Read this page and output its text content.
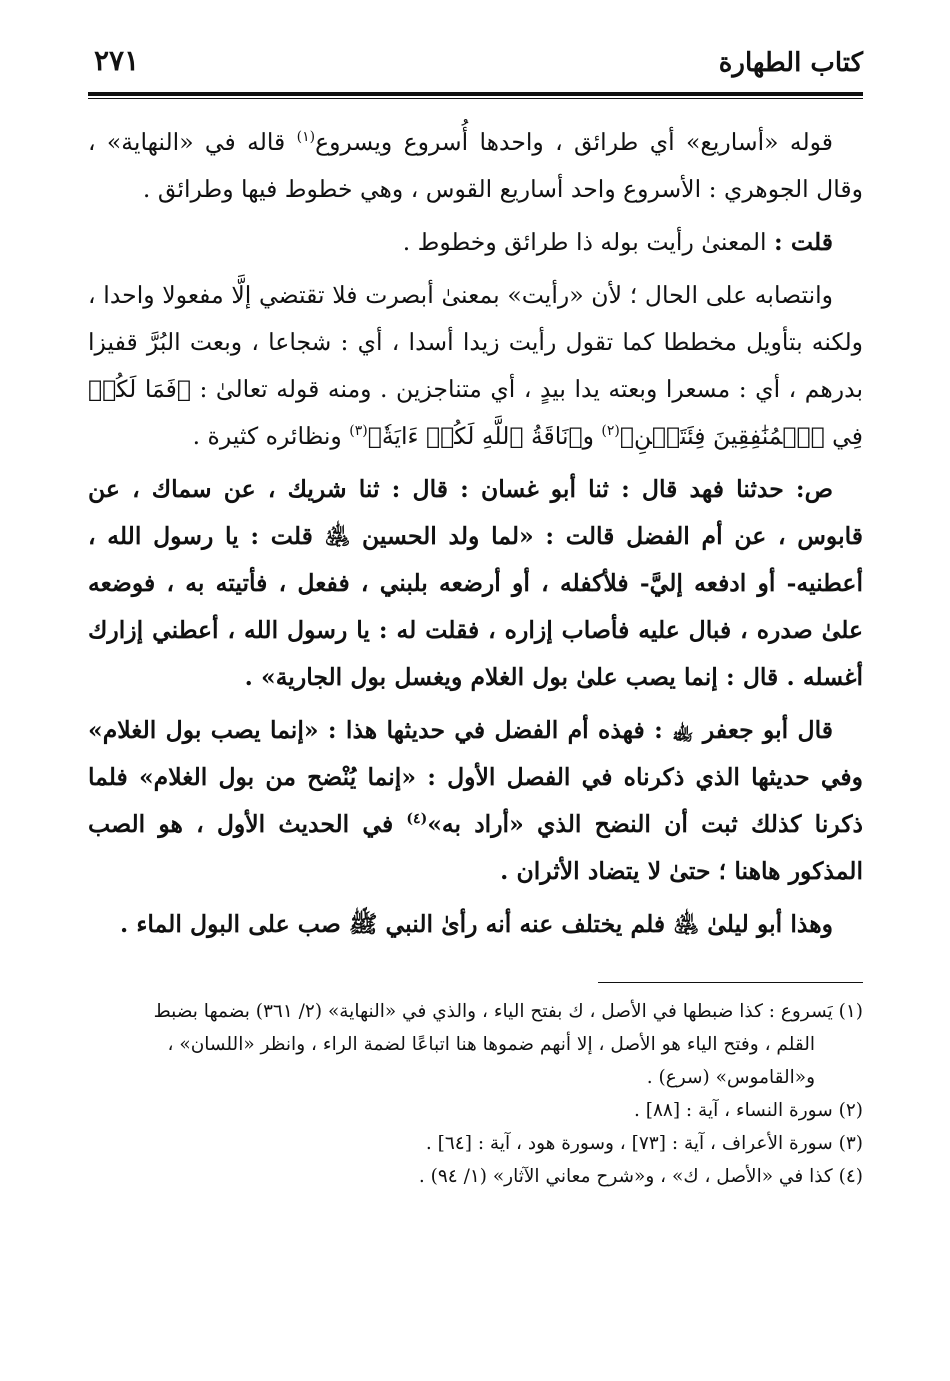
كتاب الطهارة
٢٧١

قوله «أساريع» أي طرائق ، واحدها أُسروع ويسروع$^{(١)}$ قاله في «النهاية» ، وقال الجوهري : الأسروع واحد أساريع القوس ، وهي خطوط فيها وطرائق .

قلت : المعنىٰ رأيت بوله ذا طرائق وخطوط .

وانتصابه على الحال ؛ لأن «رأيت» بمعنىٰ أبصرت فلا تقتضي إلَّا مفعولا واحدا ، ولكنه بتأويل مخططا كما تقول رأيت زيدا أسدا ، أي : شجاعا ، وبعت البُرَّ قفيزا بدرهم ، أي : مسعرا وبعته يدا بيدٍ ، أي متناجزين . ومنه قوله تعالىٰ : ﴿فَمَا لَكُمۡ فِي ٱلۡمُنَٰفِقِينَ فِئَتَيۡنِ﴾$^{(٢)}$ و﴿نَاقَةُ ٱللَّهِ لَكُمۡ ءَايَةٗ﴾$^{(٣)}$ ونظائره كثيرة .

ص: حدثنا فهد قال : ثنا أبو غسان : قال : ثنا شريك ، عن سماك ، عن قابوس ، عن أم الفضل قالت : «لما ولد الحسين ﵁ قلت : يا رسول الله ، أعطنيه- أو ادفعه إليَّ- فلأكفله ، أو أرضعه بلبني ، ففعل ، فأتيته به ، فوضعه علىٰ صدره ، فبال عليه فأصاب إزاره ، فقلت له : يا رسول الله ، أعطني إزارك أغسله . قال : إنما يصب علىٰ بول الغلام ويغسل بول الجارية» .

قال أبو جعفر ﵀ : فهذه أم الفضل في حديثها هذا : «إنما يصب بول الغلام» وفي حديثها الذي ذكرناه في الفصل الأول : «إنما يُنْضح من بول الغلام» فلما ذكرنا كذلك ثبت أن النضح الذي «أراد به»$^{(٤)}$ في الحديث الأول ، هو الصب المذكور هاهنا ؛ حتىٰ لا يتضاد الأثران .

وهذا أبو ليلىٰ ﵁ فلم يختلف عنه أنه رأىٰ النبي ﷺ صب على البول الماء .

(١) يَسروع : كذا ضبطها في الأصل ، ك بفتح الياء ، والذي في «النهاية» (٢/ ٣٦١) بضمها بضبط

القلم ، وفتح الياء هو الأصل ، إلا أنهم ضموها هنا اتباعًا لضمة الراء ، وانظر «اللسان» ،

و«القاموس» (سرع) .

(٢) سورة النساء ، آية : [٨٨] .

(٣) سورة الأعراف ، آية : [٧٣] ، وسورة هود ، آية : [٦٤] .

(٤) كذا في «الأصل ، ك» ، و«شرح معاني الآثار» (١/ ٩٤) .
